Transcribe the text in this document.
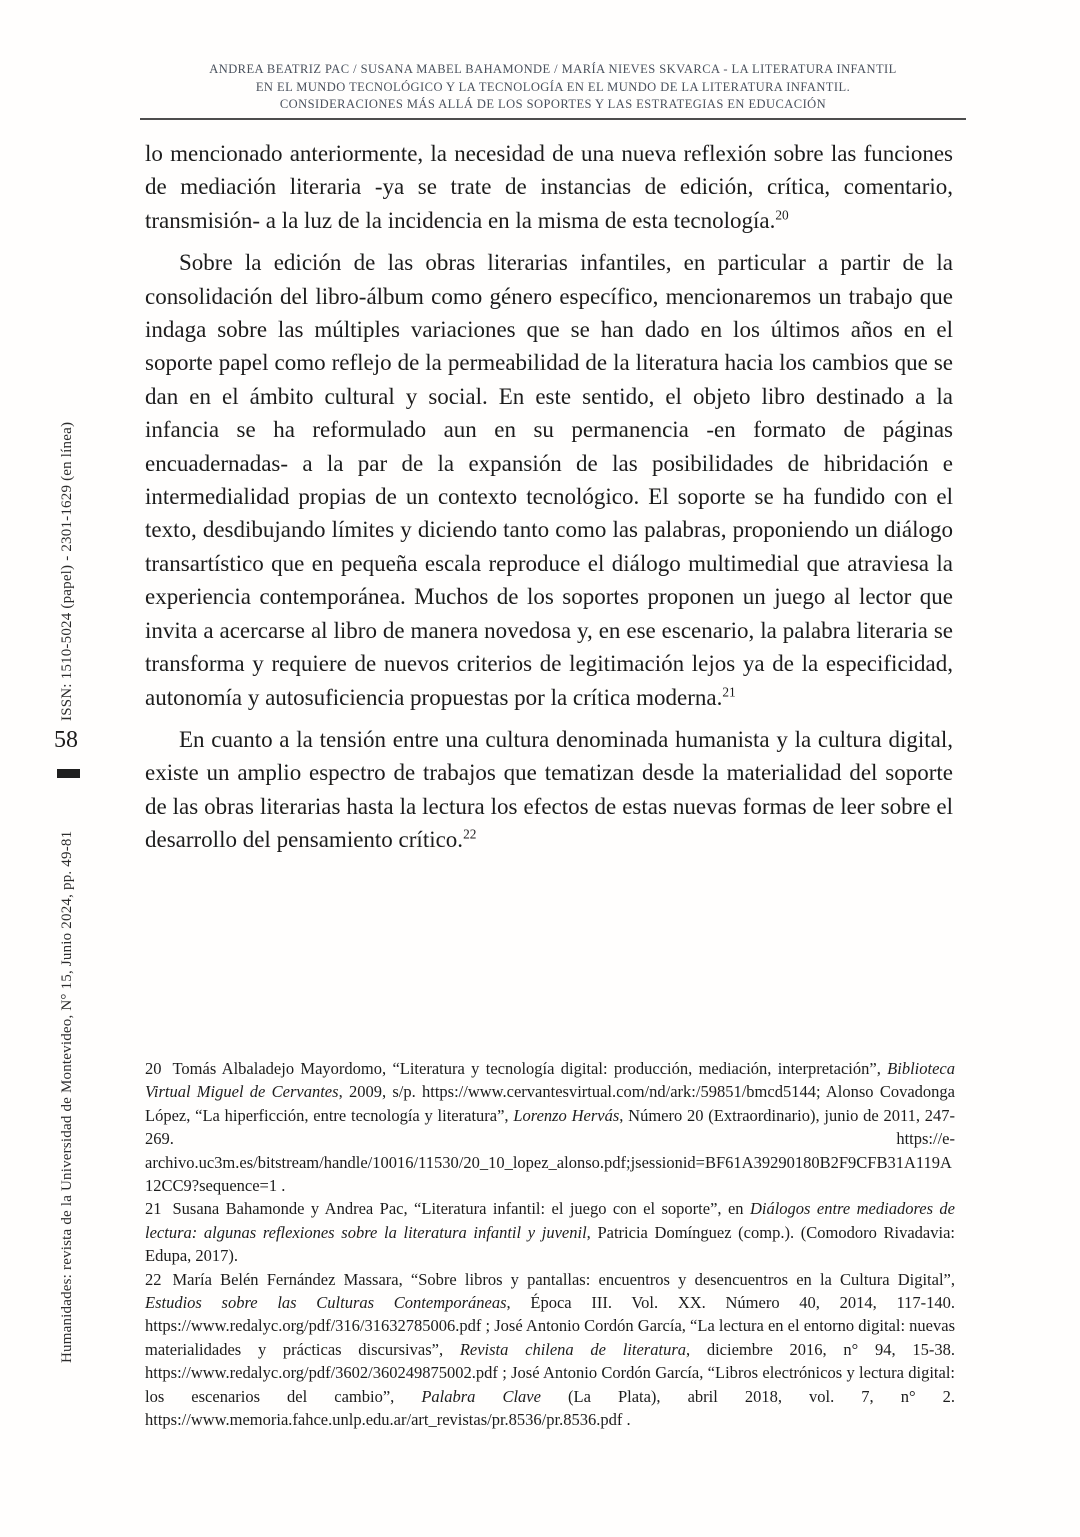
ANDREA BEATRIZ PAC / SUSANA MABEL BAHAMONDE / MARÍA NIEVES SKVARCA - LA LITERATURA INFANTIL
EN EL MUNDO TECNOLÓGICO Y LA TECNOLOGÍA EN EL MUNDO DE LA LITERATURA INFANTIL.
CONSIDERACIONES MÁS ALLÁ DE LOS SOPORTES Y LAS ESTRATEGIAS EN EDUCACIÓN
ISSN: 1510-5024 (papel) - 2301-1629 (en línea)
58
Humanidades: revista de la Universidad de Montevideo, N° 15, Junio 2024, pp. 49-81

lo mencionado anteriormente, la necesidad de una nueva reflexión sobre las funciones de mediación literaria -ya se trate de instancias de edición, crítica, comentario, transmisión- a la luz de la incidencia en la misma de esta tecnología.$^{20}$

Sobre la edición de las obras literarias infantiles, en particular a partir de la consolidación del libro-álbum como género específico, mencionaremos un trabajo que indaga sobre las múltiples variaciones que se han dado en los últimos años en el soporte papel como reflejo de la permeabilidad de la literatura hacia los cambios que se dan en el ámbito cultural y social. En este sentido, el objeto libro destinado a la infancia se ha reformulado aun en su permanencia -en formato de páginas encuadernadas- a la par de la expansión de las posibilidades de hibridación e intermedialidad propias de un contexto tecnológico. El soporte se ha fundido con el texto, desdibujando límites y diciendo tanto como las palabras, proponiendo un diálogo transartístico que en pequeña escala reproduce el diálogo multimedial que atraviesa la experiencia contemporánea. Muchos de los soportes proponen un juego al lector que invita a acercarse al libro de manera novedosa y, en ese escenario, la palabra literaria se transforma y requiere de nuevos criterios de legitimación lejos ya de la especificidad, autonomía y autosuficiencia propuestas por la crítica moderna.$^{21}$

En cuanto a la tensión entre una cultura denominada humanista y la cultura digital, existe un amplio espectro de trabajos que tematizan desde la materialidad del soporte de las obras literarias hasta la lectura los efectos de estas nuevas formas de leer sobre el desarrollo del pensamiento crítico.$^{22}$

20 Tomás Albaladejo Mayordomo, “Literatura y tecnología digital: producción, mediación, interpretación”, Biblioteca Virtual Miguel de Cervantes, 2009, s/p. https://www.cervantesvirtual.com/nd/ark:/59851/bmcd5144; Alonso Covadonga López, “La hiperficción, entre tecnología y literatura”, Lorenzo Hervás, Número 20 (Extraordinario), junio de 2011, 247-269. https://e-archivo.uc3m.es/bitstream/handle/10016/11530/20_10_lopez_alonso.pdf;jsessionid=BF61A39290180B2F9CFB31A119A12CC9?sequence=1 .

21 Susana Bahamonde y Andrea Pac, “Literatura infantil: el juego con el soporte”, en Diálogos entre mediadores de lectura: algunas reflexiones sobre la literatura infantil y juvenil, Patricia Domínguez (comp.). (Comodoro Rivadavia: Edupa, 2017).

22 María Belén Fernández Massara, “Sobre libros y pantallas: encuentros y desencuentros en la Cultura Digital”, Estudios sobre las Culturas Contemporáneas, Época III. Vol. XX. Número 40, 2014, 117-140. https://www.redalyc.org/pdf/316/31632785006.pdf ; José Antonio Cordón García, “La lectura en el entorno digital: nuevas materialidades y prácticas discursivas”, Revista chilena de literatura, diciembre 2016, n° 94, 15-38. https://www.redalyc.org/pdf/3602/360249875002.pdf ; José Antonio Cordón García, “Libros electrónicos y lectura digital: los escenarios del cambio”, Palabra Clave (La Plata), abril 2018, vol. 7, n° 2. https://www.memoria.fahce.unlp.edu.ar/art_revistas/pr.8536/pr.8536.pdf .
